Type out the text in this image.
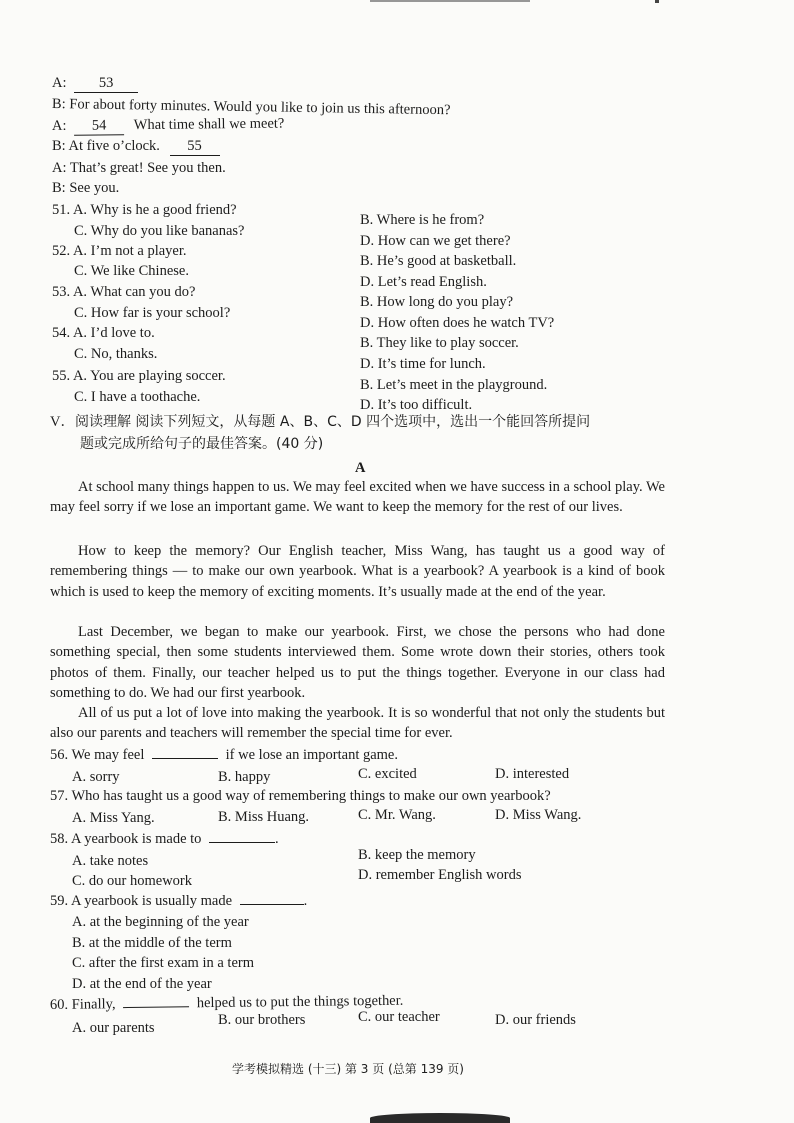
A: 53
B: For about forty minutes. Would you like to join us this afternoon?
A: 54 What time shall we meet?
B: At five o’clock. 55
A: That’s great! See you then.
B: See you.
51. A. Why is he a good friend?
B. Where is he from?
C. Why do you like bananas?
D. How can we get there?
52. A. I’m not a player.
B. He’s good at basketball.
C. We like Chinese.
D. Let’s read English.
53. A. What can you do?
B. How long do you play?
C. How far is your school?
D. How often does he watch TV?
54. A. I’d love to.
B. They like to play soccer.
C. No, thanks.
D. It’s time for lunch.
55. A. You are playing soccer.
B. Let’s meet in the playground.
C. I have a toothache.	D. It’s too difficult.
V．阅读理解 阅读下列短文，从每题 A、B、C、D 四个选项中，选出一个能回答所提问
题或完成所给句子的最佳答案。(40 分)
A

At school many things happen to us. We may feel excited when we have success in a school play. We may feel sorry if we lose an important game. We want to keep the memory for the rest of our lives.

How to keep the memory? Our English teacher, Miss Wang, has taught us a good way of remembering things — to make our own yearbook. What is a yearbook? A yearbook is a kind of book which is used to keep the memory of exciting moments. It’s usually made at the end of the year.

Last December, we began to make our yearbook. First, we chose the persons who had done something special, then some students interviewed them. Some wrote down their stories, others took photos of them. Finally, our teacher helped us to put the things together. Everyone in our class had something to do. We had our first yearbook.

All of us put a lot of love into making the yearbook. It is so wonderful that not only the students but also our parents and teachers will remember the special time for ever.

56. We may feel	if we lose an important game.
A. sorry	B. happy	C. excited	D. interested
57. Who has taught us a good way of remembering things to make our own yearbook?
A. Miss Yang.	B. Miss Huang.	C. Mr. Wang.	D. Miss Wang.
58. A yearbook is made to	.
A. take notes	B. keep the memory
C. do our homework	D. remember English words
59. A yearbook is usually made	.
A. at the beginning of the year
B. at the middle of the term
C. after the first exam in a term
D. at the end of the year
60. Finally,	helped us to put the things together.
A. our parents	B. our brothers	C. our teacher	D. our friends
学考模拟精选 (十三) 第 3 页 (总第 139 页)
